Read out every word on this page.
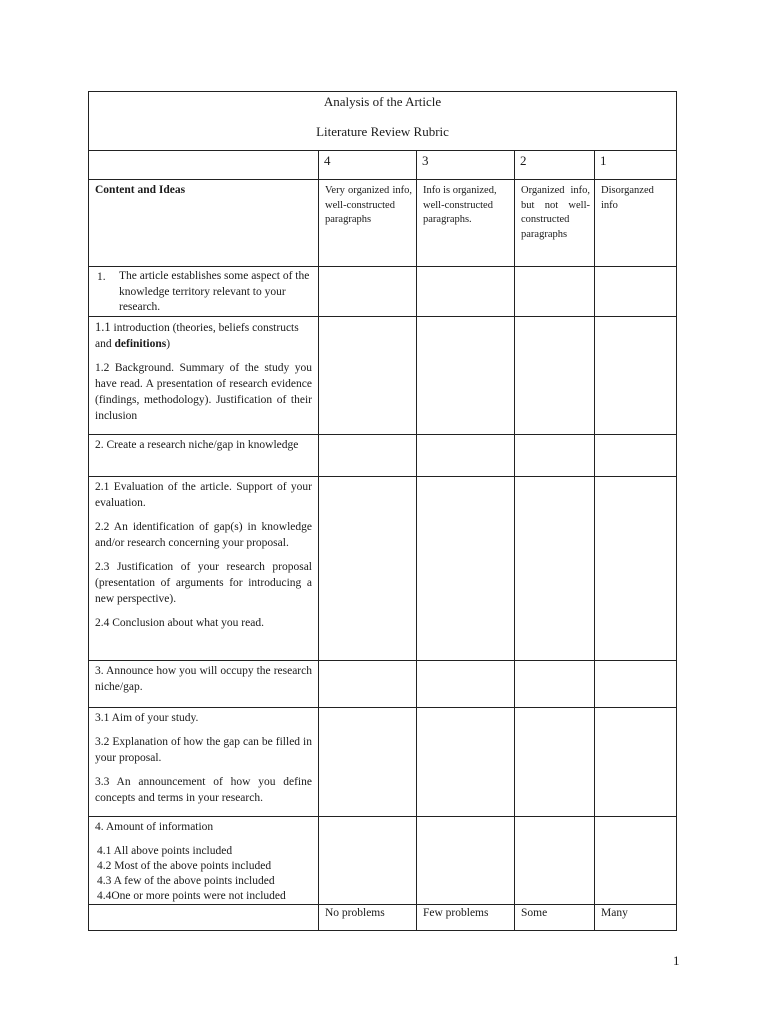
Analysis of the Article
Literature Review Rubric				

	4	3	2	1
Content and Ideas	Very organized info, well-constructed paragraphs	Info is organized, well-constructed paragraphs.	Organized info, but not well-constructed paragraphs	Disorganzed info

1. The article establishes some aspect of the knowledge territory relevant to your research.				

1.1 introduction (theories, beliefs constructs and definitions)

1.2 Background. Summary of the study you have read. A presentation of research evidence (findings, methodology). Justification of their inclusion				

2. Create a research niche/gap in knowledge				

2.1 Evaluation of the article. Support of your evaluation.

2.2 An identification of gap(s) in knowledge and/or research concerning your proposal.

2.3 Justification of your research proposal (presentation of arguments for introducing a new perspective).

2.4 Conclusion about what you read.				

3. Announce how you will occupy the research niche/gap.				

3.1 Aim of your study.

3.2 Explanation of how the gap can be filled in your proposal.

3.3 An announcement of how you define concepts and terms in your research.				

4. Amount of information
4.1 All above points included
4.2 Most of the above points included
4.3 A few of the above points included
4.4One or more points were not included				

	No problems	Few problems	Some	Many
1
